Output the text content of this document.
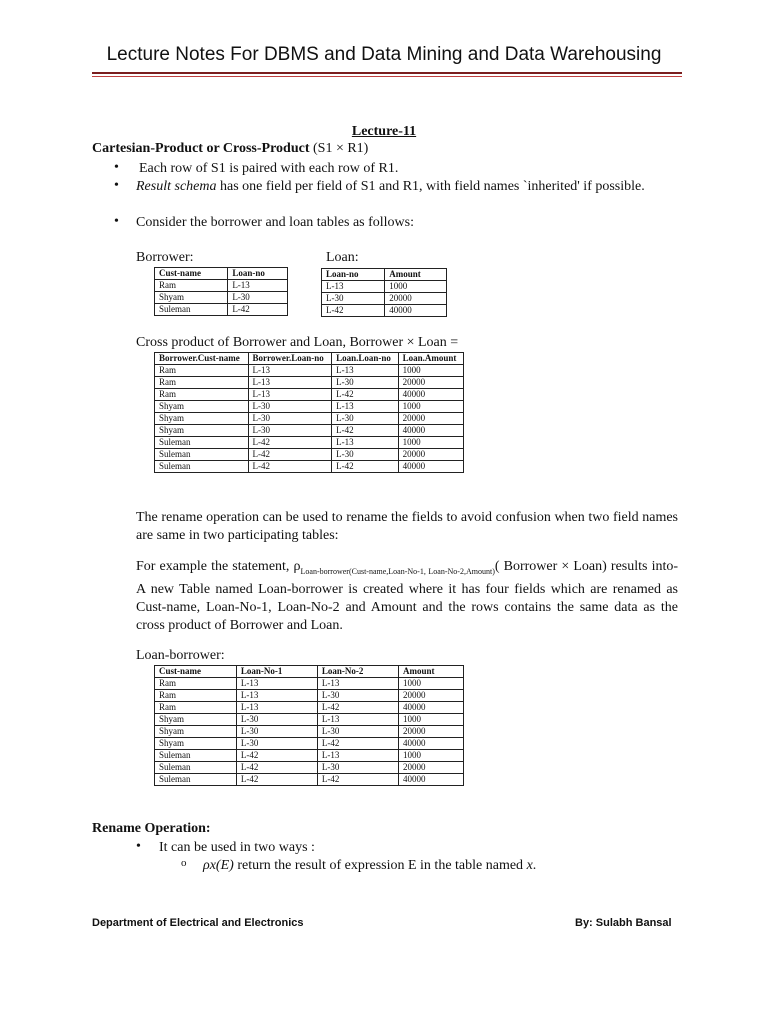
Lecture Notes For DBMS and Data Mining and Data Warehousing
Lecture-11
Cartesian-Product or Cross-Product (S1 × R1)
• Each row of S1 is paired with each row of R1.
• Result schema has one field per field of S1 and R1, with field names `inherited' if possible.
• Consider the borrower and loan tables as follows:
Borrower:	Loan:
Cust-name	Loan-no
Ram	L-13
Shyam	L-30
Suleman	L-42
Loan-no	Amount
L-13	1000
L-30	20000
L-42	40000
Cross product of Borrower and Loan, Borrower × Loan =
Borrower.Cust-name	Borrower.Loan-no	Loan.Loan-no	Loan.Amount
Ram	L-13	L-13	1000
Ram	L-13	L-30	20000
Ram	L-13	L-42	40000
Shyam	L-30	L-13	1000
Shyam	L-30	L-30	20000
Shyam	L-30	L-42	40000
Suleman	L-42	L-13	1000
Suleman	L-42	L-30	20000
Suleman	L-42	L-42	40000
The rename operation can be used to rename the fields to avoid confusion when two field names are same in two participating tables:
For example the statement, $\rho_{Loan-borrower(Cust-name,Loan-No-1, Loan-No-2,Amount)}$( Borrower × Loan) results into- A new Table named Loan-borrower is created where it has four fields which are renamed as Cust-name, Loan-No-1, Loan-No-2 and Amount and the rows contains the same data as the cross product of Borrower and Loan.
Loan-borrower:
Cust-name	Loan-No-1	Loan-No-2	Amount
Ram	L-13	L-13	1000
Ram	L-13	L-30	20000
Ram	L-13	L-42	40000
Shyam	L-30	L-13	1000
Shyam	L-30	L-30	20000
Shyam	L-30	L-42	40000
Suleman	L-42	L-13	1000
Suleman	L-42	L-30	20000
Suleman	L-42	L-42	40000
Rename Operation:
• It can be used in two ways :
o ρx(E) return the result of expression E in the table named x.
Department of Electrical and Electronics	By: Sulabh Bansal
